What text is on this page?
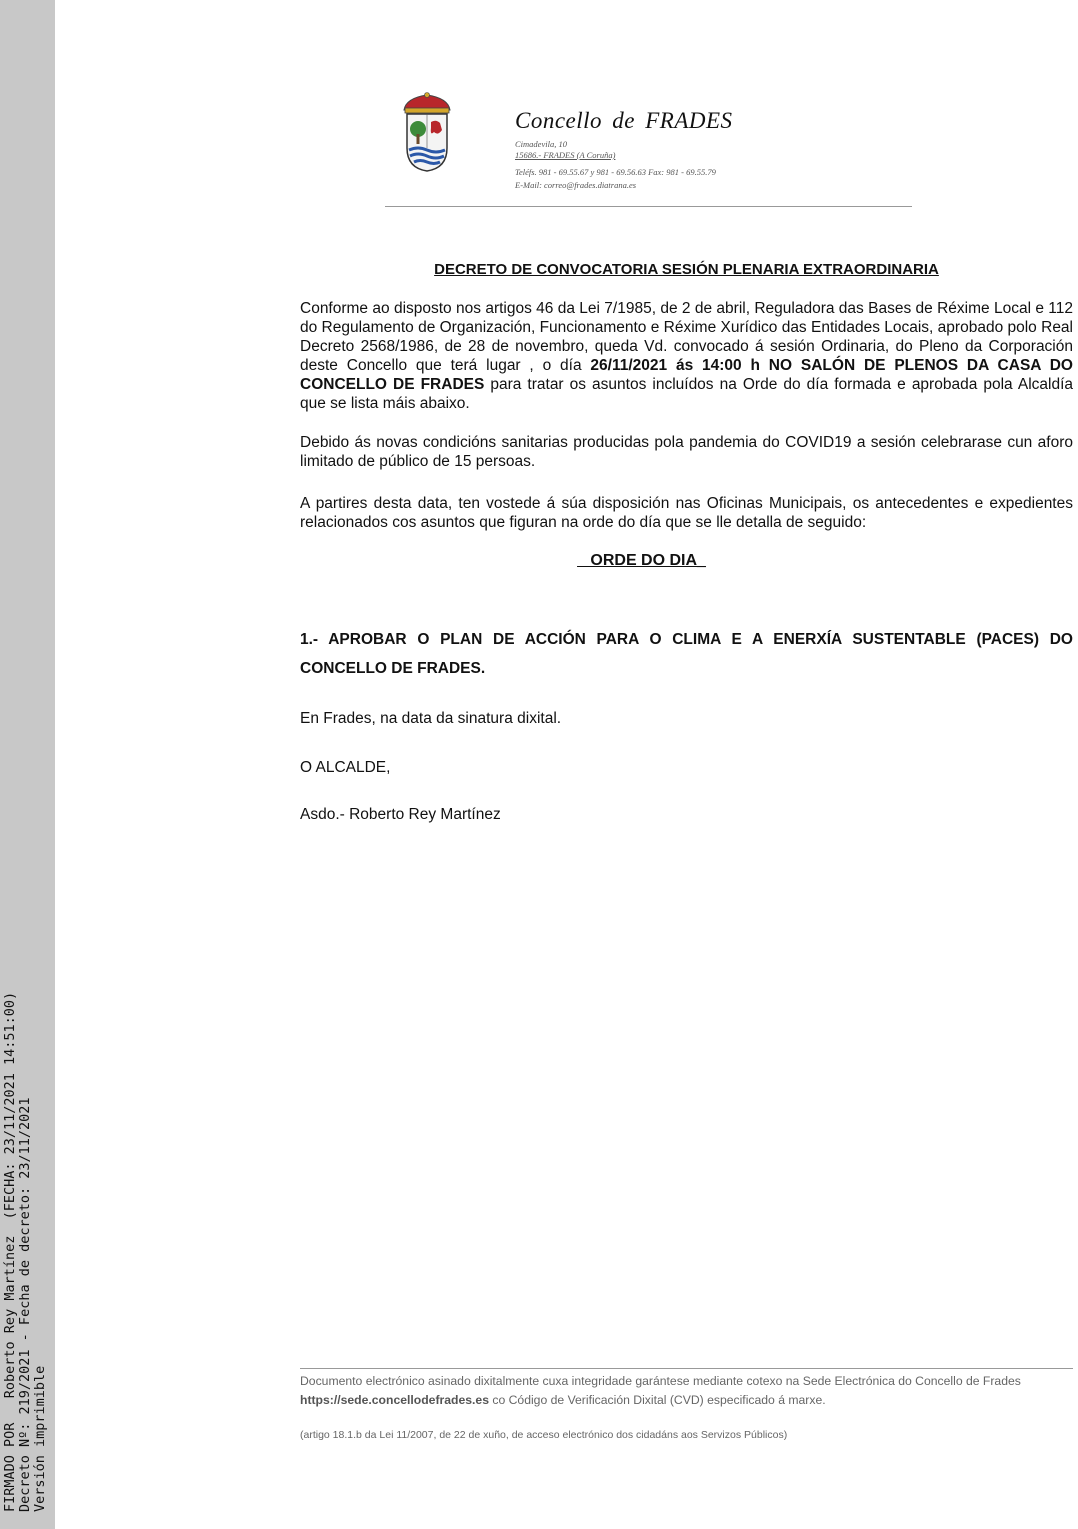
FIRMADO POR   Roberto Rey Martínez  (FECHA: 23/11/2021 14:51:00) Decreto Nº: 219/2021 - Fecha de decreto: 23/11/2021 Versión imprimible
Concello de FRADES
Cimadevila, 10
15686.- FRADES (A Coruña)
Teléfs. 981 - 69.55.67 y 981 - 69.56.63 Fax: 981 - 69.55.79
E-Mail: correo@frades.diatrana.es
DECRETO DE CONVOCATORIA SESIÓN PLENARIA EXTRAORDINARIA
Conforme ao disposto nos artigos 46 da Lei 7/1985, de 2 de abril, Reguladora das Bases de Réxime Local e 112 do Regulamento de Organización, Funcionamento e Réxime Xurídico das Entidades Locais, aprobado polo Real Decreto 2568/1986, de 28 de novembro, queda Vd. convocado á sesión Ordinaria, do Pleno da Corporación deste Concello que terá lugar , o día 26/11/2021 ás 14:00 h NO SALÓN DE PLENOS DA CASA DO CONCELLO DE FRADES para tratar os asuntos incluídos na Orde do día formada e aprobada pola Alcaldía que se lista máis abaixo.
Debido ás novas condicións sanitarias producidas pola pandemia do COVID19 a sesión celebrarase cun aforo limitado de público de 15 persoas.
A partires desta data, ten vostede á súa disposición nas Oficinas Municipais, os antecedentes e expedientes relacionados cos asuntos que figuran na orde do día que se lle detalla de seguido:
ORDE DO DIA_
1.- APROBAR O PLAN DE ACCIÓN PARA O CLIMA E A ENERXÍA SUSTENTABLE (PACES) DO CONCELLO DE FRADES.
En Frades, na data da sinatura dixital.
O ALCALDE,
Asdo.- Roberto Rey Martínez
Documento electrónico asinado dixitalmente cuxa integridade garántese mediante cotexo na Sede Electrónica do Concello de Frades https://sede.concellodefrades.es co Código de Verificación Dixital (CVD) especificado á marxe.
(artigo 18.1.b da Lei 11/2007, de 22 de xuño, de acceso electrónico dos cidadáns aos Servizos Públicos)
